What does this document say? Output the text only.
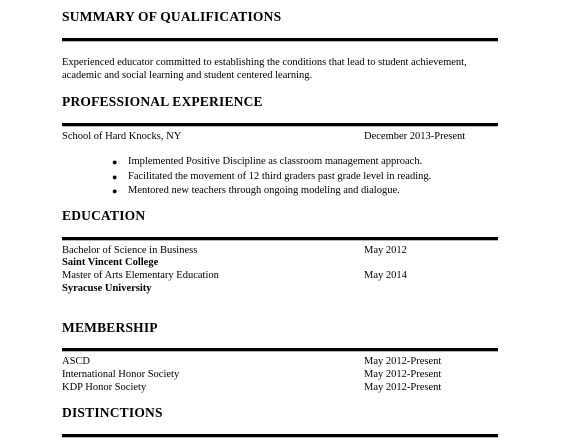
SUMMARY OF QUALIFICATIONS
Experienced educator committed to establishing the conditions that lead to student achievement, academic and social learning and student centered learning.
PROFESSIONAL EXPERIENCE
School of Hard Knocks, NY	December 2013-Present
● Implemented Positive Discipline as classroom management approach.
● Facilitated the movement of 12 third graders past grade level in reading.
● Mentored new teachers through ongoing modeling and dialogue.
EDUCATION
Bachelor of Science in Business	May 2012
Saint Vincent College
Master of Arts Elementary Education	May 2014
Syracuse University
MEMBERSHIP
ASCD	May 2012-Present
International Honor Society	May 2012-Present
KDP Honor Society	May 2012-Present
DISTINCTIONS
